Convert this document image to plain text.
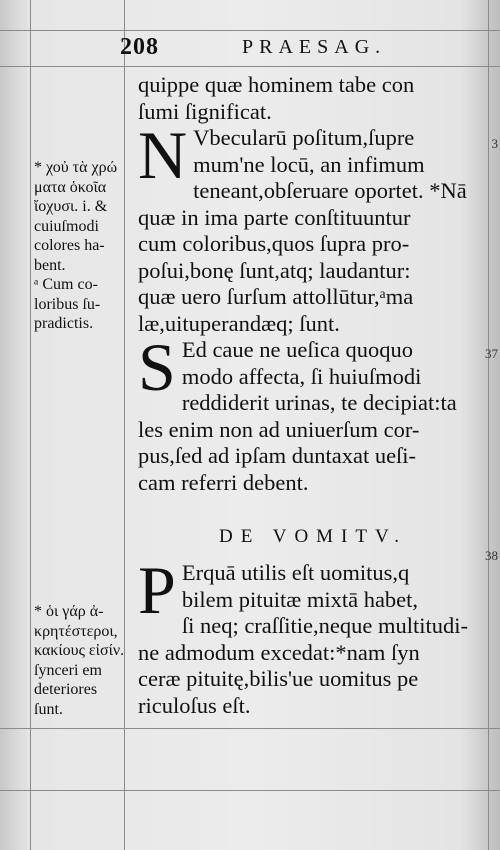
208	PRAESAG.
* χοὐ τὰ χρώ
ματα ὁκοῖα
ἴοχυσι. i. &
cuiuſmodi
colores ha-
bent.
ᵃ Cum co-
loribus ſu-
pradictis.
* ὁι γάρ ἀ-
κρητέστεροι,
κακίους εἰσίν.
ſynceri em
deteriores
ſunt.
quippe quæ hominem tabe con
ſumi ſignificat.
N Vbecularū poſitum,ſupre
mum'ne locū, an infimum
teneant,obſeruare oportet. *Nā
quæ in ima parte conſtituuntur
cum coloribus,quos ſupra pro-
poſui,bonę ſunt,atq; laudantur:
quæ uero ſurſum attollūtur,ᵃma
læ,uituperandæq; ſunt.
S Ed caue ne ueſica quoquo
modo affecta, ſi huiuſmodi
reddiderit urinas, te decipiat:ta
les enim non ad uniuerſum cor-
pus,ſed ad ipſam duntaxat ueſi-
cam referri debent.
DE VOMITV.
P Erquā utilis eſt uomitus,q
bilem pituitæ mixtā habet,
ſi neq; craſſitie,neque multitudi-
ne admodum excedat:*nam ſyn
ceræ pituitę,bilis'ue uomitus pe
riculoſus eſt.
3
37
38
